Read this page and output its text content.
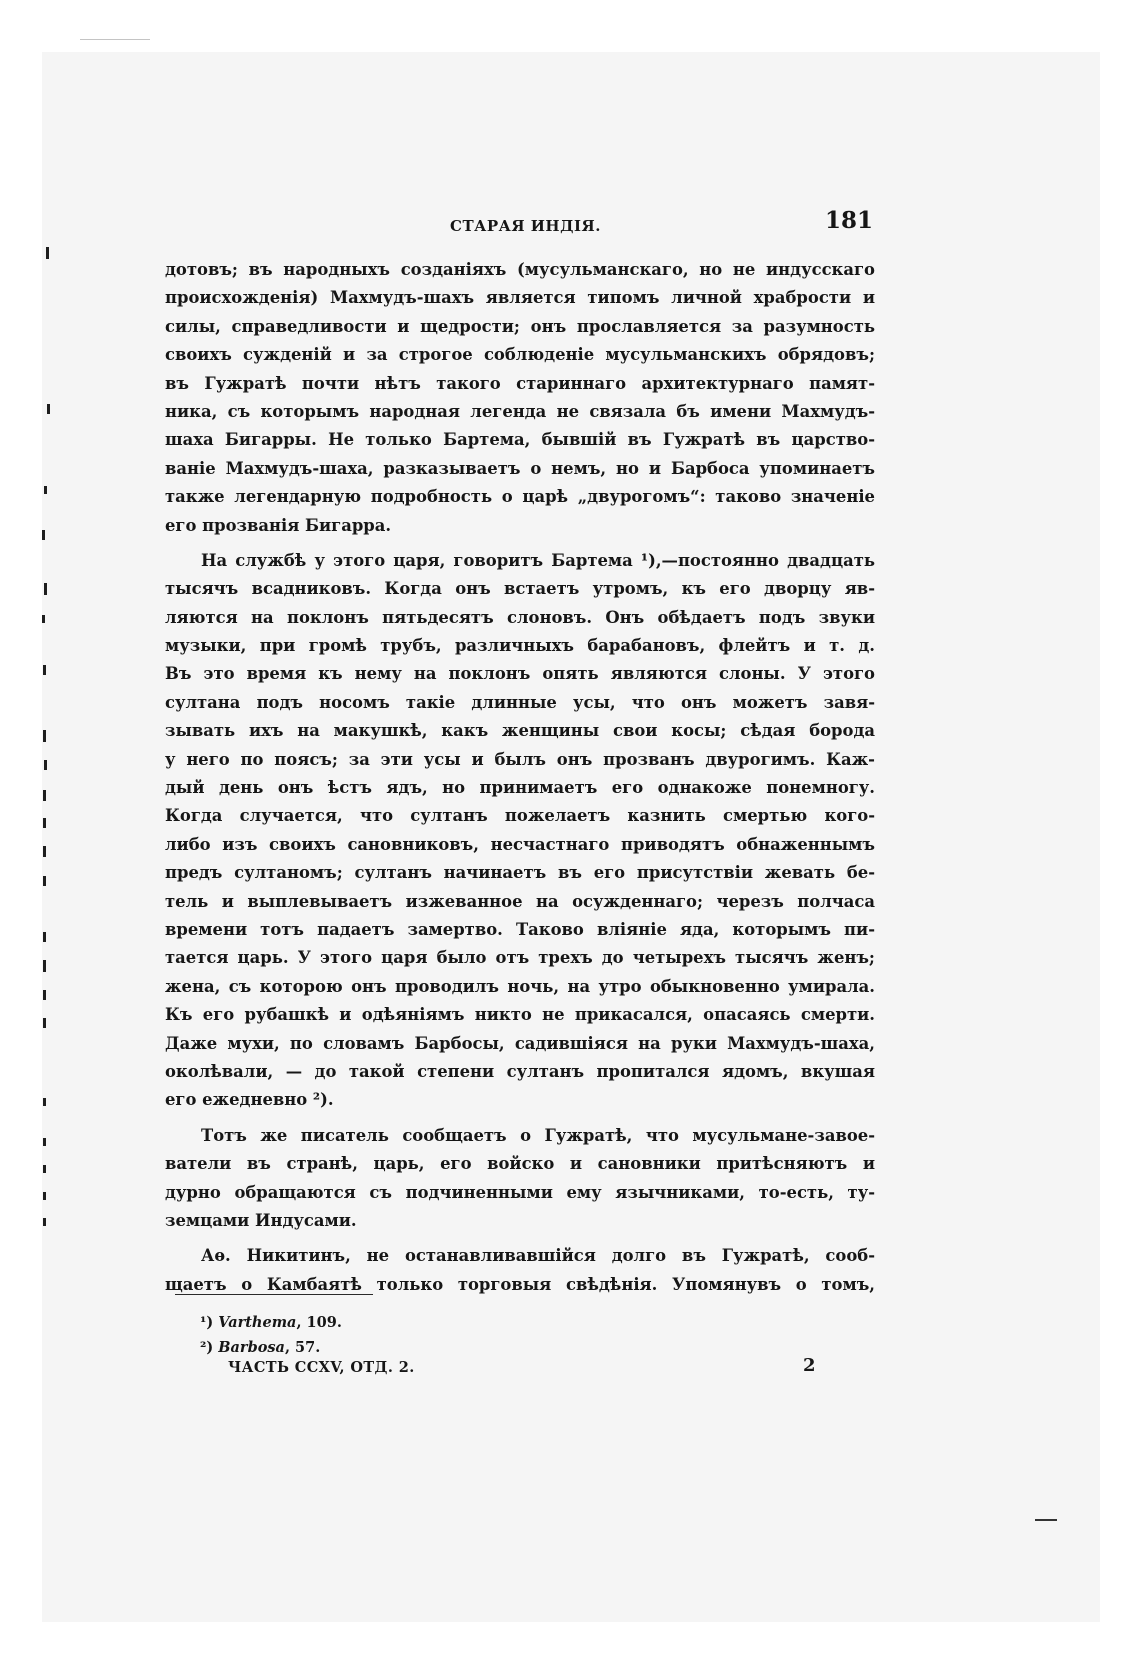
СТАРАЯ ИНДІЯ.	181
дотовъ; въ народныхъ созданіяхъ (мусульманскаго, но не индусскаго
происхожденія) Махмудъ-шахъ является типомъ личной храбрости и
силы, справедливости и щедрости; онъ прославляется за разумность
своихъ сужденій и за строгое соблюденіе мусульманскихъ обрядовъ;
въ Гужратѣ почти нѣтъ такого стариннаго архитектурнаго памят-
ника, съ которымъ народная легенда не связала бъ имени Махмудъ-
шаха Бигарры. Не только Бартема, бывшій въ Гужратѣ въ царство-
ваніе Махмудъ-шаха, разказываетъ о немъ, но и Барбоса упоминаетъ
также легендарную подробность о царѣ „двурогомъ“: таково значеніе
его прозванія Бигарра.
На службѣ у этого царя, говоритъ Бартема ¹),—постоянно двадцать
тысячъ всадниковъ. Когда онъ встаетъ утромъ, къ его дворцу яв-
ляются на поклонъ пятьдесятъ слоновъ. Онъ обѣдаетъ подъ звуки
музыки, при громѣ трубъ, различныхъ барабановъ, флейтъ и т. д.
Въ это время къ нему на поклонъ опять являются слоны. У этого
султана подъ носомъ такіе длинные усы, что онъ можетъ завя-
зывать ихъ на макушкѣ, какъ женщины свои косы; сѣдая борода
у него по поясъ; за эти усы и былъ онъ прозванъ двурогимъ. Каж-
дый день онъ ѣстъ ядъ, но принимаетъ его однакоже понемногу.
Когда случается, что султанъ пожелаетъ казнить смертью кого-
либо изъ своихъ сановниковъ, несчастнаго приводятъ обнаженнымъ
предъ султаномъ; султанъ начинаетъ въ его присутствіи жевать бе-
тель и выплевываетъ изжеванное на осужденнаго; черезъ полчаса
времени тотъ падаетъ замертво. Таково вліяніе яда, которымъ пи-
тается царь. У этого царя было отъ трехъ до четырехъ тысячъ женъ;
жена, съ которою онъ проводилъ ночь, на утро обыкновенно умирала.
Къ его рубашкѣ и одѣяніямъ никто не прикасался, опасаясь смерти.
Даже мухи, по словамъ Барбосы, садившіяся на руки Махмудъ-шаха,
околѣвали, — до такой степени султанъ пропитался ядомъ, вкушая
его ежедневно ²).
Тотъ же писатель сообщаетъ о Гужратѣ, что мусульмане-завое-
ватели въ странѣ, царь, его войско и сановники притѣсняютъ и
дурно обращаются съ подчиненными ему язычниками, то-есть, ту-
земцами Индусами.
Аѳ. Никитинъ, не останавливавшійся долго въ Гужратѣ, сооб-
щаетъ о Камбаятѣ только торговыя свѣдѣнія. Упомянувъ о томъ,
¹) Varthema, 109.
²) Barbosa, 57.
ЧАСТЬ CCXV, ОТД. 2.	2
